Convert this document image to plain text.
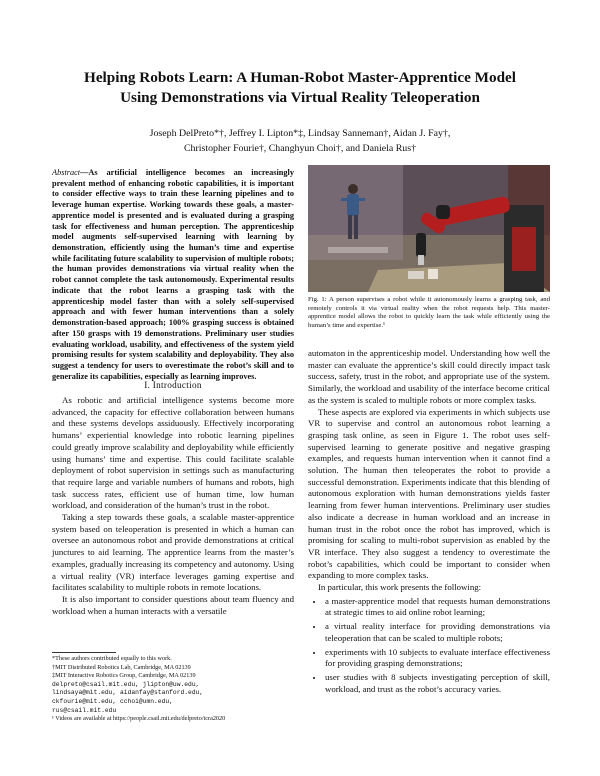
Helping Robots Learn: A Human-Robot Master-Apprentice Model
Using Demonstrations via Virtual Reality Teleoperation
Joseph DelPreto*†, Jeffrey I. Lipton*‡, Lindsay Sanneman†, Aidan J. Fay†,
Christopher Fourie†, Changhyun Choi†, and Daniela Rus†
Abstract—As artificial intelligence becomes an increasingly prevalent method of enhancing robotic capabilities, it is important to consider effective ways to train these learning pipelines and to leverage human expertise. Working towards these goals, a master-apprentice model is presented and is evaluated during a grasping task for effectiveness and human perception. The apprenticeship model augments self-supervised learning with learning by demonstration, efficiently using the human’s time and expertise while facilitating future scalability to supervision of multiple robots; the human provides demonstrations via virtual reality when the robot cannot complete the task autonomously. Experimental results indicate that the robot learns a grasping task with the apprenticeship model faster than with a solely self-supervised approach and with fewer human interventions than a solely demonstration-based approach; 100% grasping success is obtained after 150 grasps with 19 demonstrations. Preliminary user studies evaluating workload, usability, and effectiveness of the system yield promising results for system scalability and deployability. They also suggest a tendency for users to overestimate the robot’s skill and to generalize its capabilities, especially as learning improves.
I. Introduction

As robotic and artificial intelligence systems become more advanced, the capacity for effective collaboration between humans and these systems develops assiduously. Effectively incorporating humans’ experiential knowledge into robotic learning pipelines could greatly improve scalability and deployability while efficiently using humans’ time and expertise. This could facilitate scalable deployment of robot supervision in settings such as manufacturing that require large and variable numbers of humans and robots, high task success rates, efficient use of human time, low human workload, and consideration of the human’s trust in the robot.

Taking a step towards these goals, a scalable master-apprentice system based on teleoperation is presented in which a human can oversee an autonomous robot and provide demonstrations at critical junctures to aid learning. The apprentice learns from the master’s examples, gradually increasing its competency and autonomy. Using a virtual reality (VR) interface leverages gaming expertise and facilitates scalability to multiple robots in remote locations.

It is also important to consider questions about team fluency and workload when a human interacts with a versatile

*These authors contributed equally to this work.
†MIT Distributed Robotics Lab, Cambridge, MA 02139
‡MIT Interactive Robotics Group, Cambridge, MA 02139
delpreto@csail.mit.edu, jlipton@uw.edu,
lindsaya@mit.edu, aidanfay@stanford.edu,
ckfourie@mit.edu, cchoi@umn.edu,
rus@csail.mit.edu
¹ Videos are available at https://people.csail.mit.edu/delpreto/icra2020
Fig. 1: A person supervises a robot while it autonomously learns a grasping task, and remotely controls it via virtual reality when the robot requests help. This master-apprentice model allows the robot to quickly learn the task while efficiently using the human’s time and expertise.¹

automaton in the apprenticeship model. Understanding how well the master can evaluate the apprentice’s skill could directly impact task success, safety, trust in the robot, and appropriate use of the system. Similarly, the workload and usability of the interface become critical as the system is scaled to multiple robots or more complex tasks.

These aspects are explored via experiments in which subjects use VR to supervise and control an autonomous robot learning a grasping task online, as seen in Figure 1. The robot uses self-supervised learning to generate positive and negative grasping examples, and requests human intervention when it cannot find a solution. The human then teleoperates the robot to provide a successful demonstration. Experiments indicate that this blending of autonomous exploration with human demonstrations yields faster learning from fewer human interventions. Preliminary user studies also indicate a decrease in human workload and an increase in human trust in the robot once the robot has improved, which is promising for scaling to multi-robot supervision as enabled by the VR interface. They also suggest a tendency to overestimate the robot’s capabilities, which could be important to consider when expanding to more complex tasks.

In particular, this work presents the following:

• a master-apprentice model that requests human demonstrations at strategic times to aid online robot learning;
• a virtual reality interface for providing demonstrations via teleoperation that can be scaled to multiple robots;
• experiments with 10 subjects to evaluate interface effectiveness for providing grasping demonstrations;
• user studies with 8 subjects investigating perception of skill, workload, and trust as the robot’s accuracy varies.
